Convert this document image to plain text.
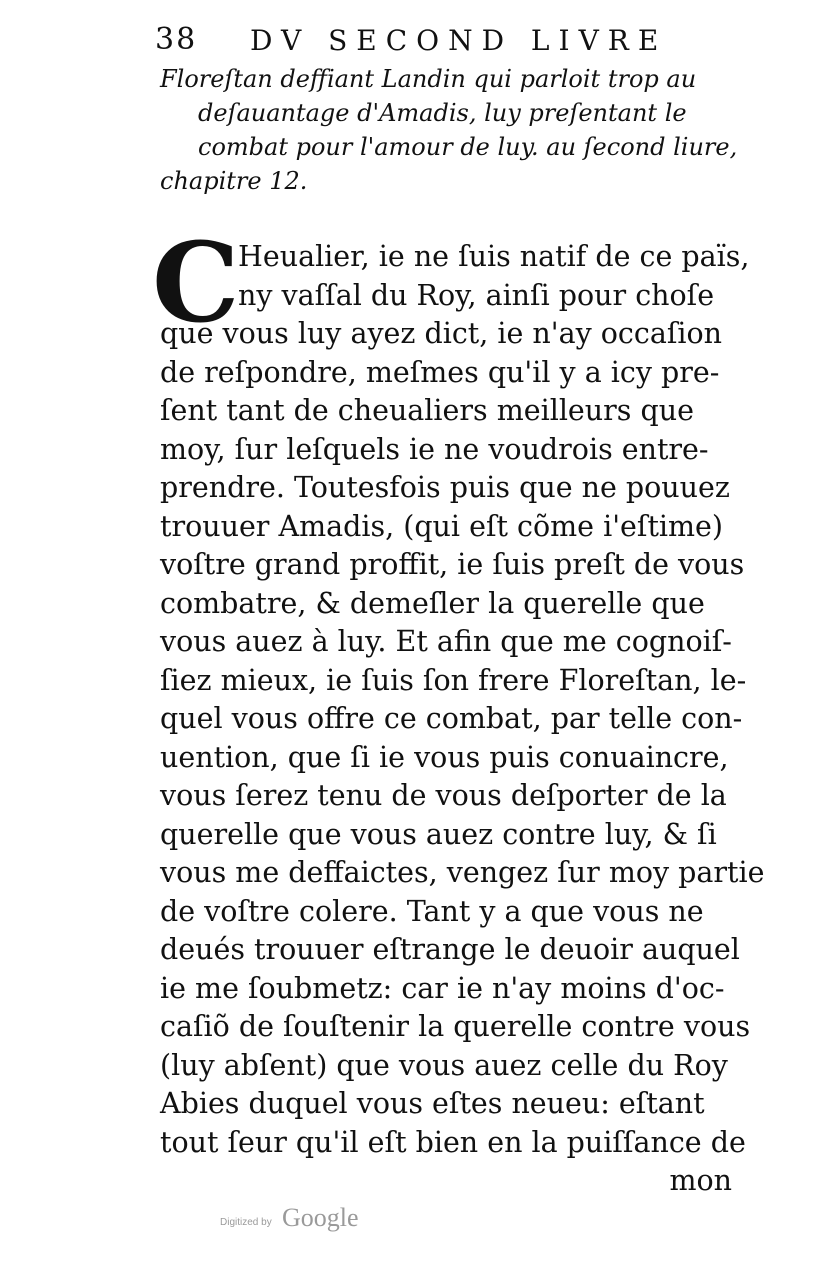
38 DV SECOND LIVRE
Floreſtan deffiant Landin qui parloit trop au
deſauantage d'Amadis, luy preſentant le
combat pour l'amour de luy. au ſecond liure,
chapitre 12.
C
Heualier, ie ne ſuis natif de ce païs,
ny vaſſal du Roy, ainſi pour choſe
que vous luy ayez dict, ie n'ay occaſion
de reſpondre, meſmes qu'il y a icy pre-
ſent tant de cheualiers meilleurs que
moy, ſur leſquels ie ne voudrois entre-
prendre. Toutesfois puis que ne pouuez
trouuer Amadis, (qui eſt cõme i'eſtime)
voſtre grand proffit, ie ſuis preſt de vous
combatre, & demeſler la querelle que
vous auez à luy. Et afin que me cognoiſ-
ſiez mieux, ie ſuis ſon frere Floreſtan, le-
quel vous offre ce combat, par telle con-
uention, que ſi ie vous puis conuaincre,
vous ſerez tenu de vous deſporter de la
querelle que vous auez contre luy, & ſi
vous me deffaictes, vengez ſur moy partie
de voſtre colere. Tant y a que vous ne
deués trouuer eſtrange le deuoir auquel
ie me ſoubmetz: car ie n'ay moins d'oc-
caſiõ de ſouſtenir la querelle contre vous
(luy abſent) que vous auez celle du Roy
Abies duquel vous eſtes neueu: eſtant
tout ſeur qu'il eſt bien en la puiſſance de
mon
Digitized by Google
